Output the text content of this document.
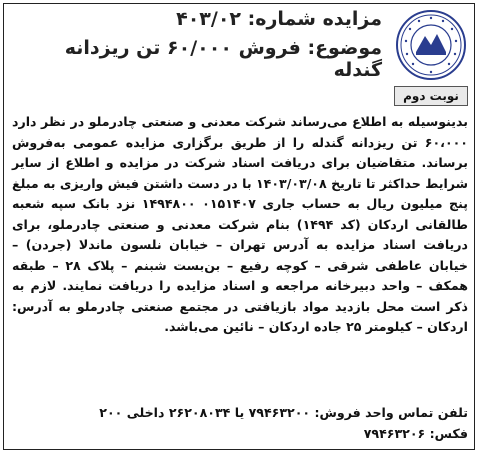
مزایده شماره: ۴۰۳/۰۲
موضوع: فروش ۶۰/۰۰۰ تن ریزدانه گندله
نوبت دوم

بدینوسیله به اطلاع می‌رساند شرکت معدنی و صنعتی چادرملو در نظر دارد ۶۰،۰۰۰ تن ریزدانه گندله را از طریق برگزاری مزایده عمومی به‌فروش برساند. متقاضیان برای دریافت اسناد شرکت در مزایده و اطلاع از سایر شرایط حداکثر تا تاریخ ۱۴۰۳/۰۳/۰۸ با در دست داشتن فیش واریزی به مبلغ پنج میلیون ریال به حساب جاری ۰۱۵۱۴۰۷ ۱۴۹۴۸۰۰ نزد بانک سپه شعبه طالقانی اردکان (کد ۱۴۹۴) بنام شرکت معدنی و صنعتی چادرملو، برای دریافت اسناد مزایده به آدرس تهران – خیابان نلسون ماندلا (جردن) – خیابان عاطفی شرقی – کوچه رفیع – بن‌بست شبنم – پلاک ۲۸ – طبقه همکف – واحد دبیرخانه مراجعه و اسناد مزایده را دریافت نمایند. لازم به ذکر است محل بازدید مواد بازیافتی در مجتمع صنعتی چادرملو به آدرس: اردکان – کیلومتر ۲۵ جاده اردکان – نائین می‌باشد.

تلفن تماس واحد فروش: ۷۹۴۶۳۲۰۰ یا ۲۶۲۰۸۰۳۴ داخلی ۲۰۰
فکس: ۷۹۴۶۳۲۰۶
